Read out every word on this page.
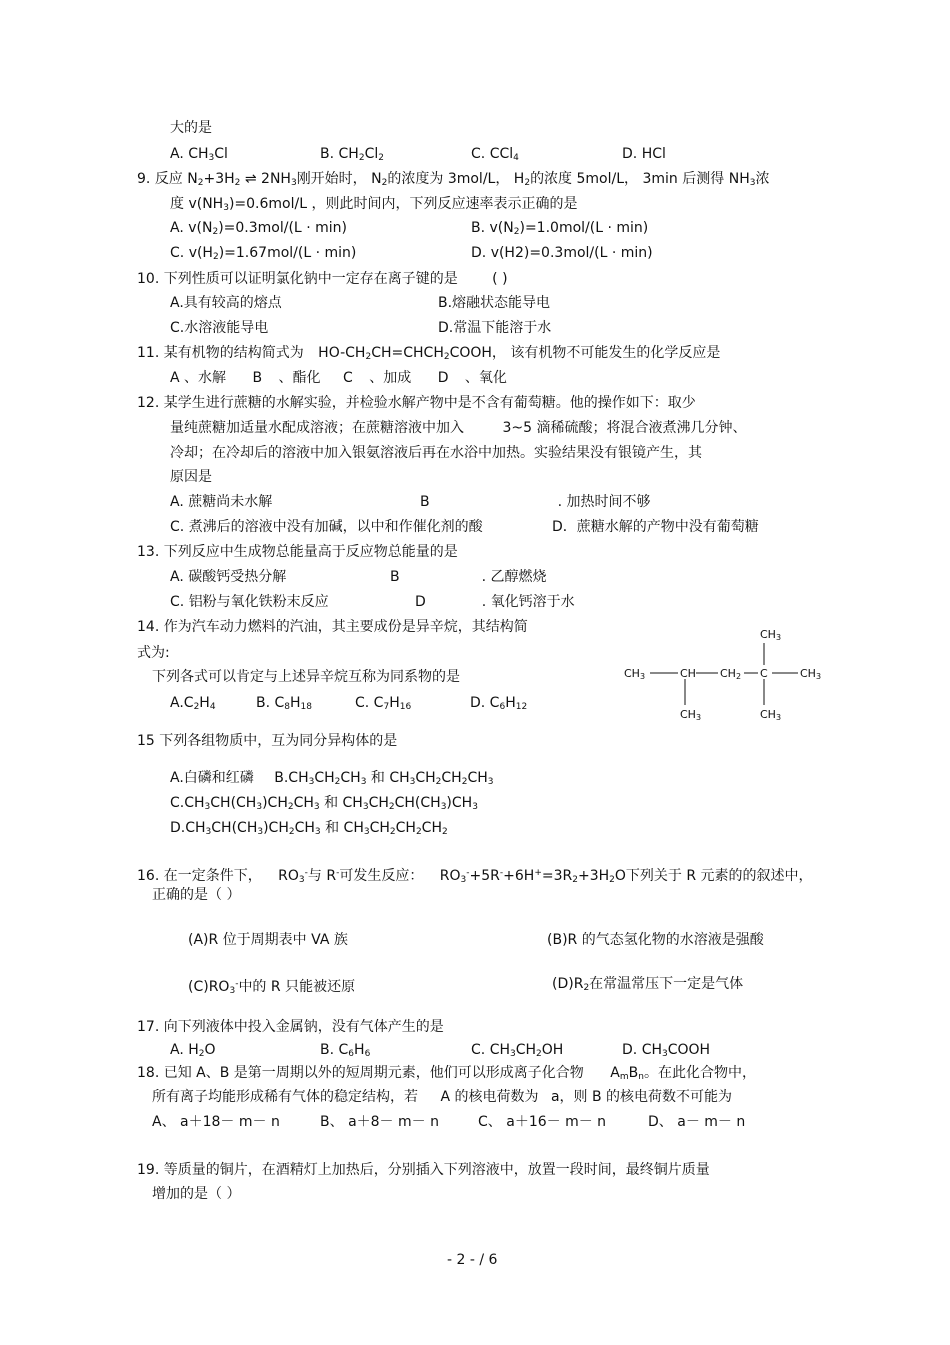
大的是
A. CH3Cl	B. CH2Cl2	C. CCl4	D. HCl
9. 反应 N2+3H2 ⇌ 2NH3刚开始时， N2的浓度为 3mol/L， H2的浓度 5mol/L， 3min 后测得 NH3浓
度 v(NH3)=0.6mol/L ，则此时间内，下列反应速率表示正确的是
A. v(N2)=0.3mol/(L · min)	B. v(N2)=1.0mol/(L · min)
C. v(H2)=1.67mol/(L · min)	D. v(H2)=0.3mol/(L · min)
10. 下列性质可以证明氯化钠中一定存在离子键的是 ( )
A.具有较高的熔点	B.熔融状态能导电
C.水溶液能导电	D.常温下能溶于水
11. 某有机物的结构简式为 HO-CH2CH=CHCH2COOH， 该有机物不可能发生的化学反应是
A 、水解 B 、酯化 C 、加成 D 、氧化
12. 某学生进行蔗糖的水解实验，并检验水解产物中是不含有葡萄糖。他的操作如下：取少
量纯蔗糖加适量水配成溶液；在蔗糖溶液中加入	3~5 滴稀硫酸；将混合液煮沸几分钟、
冷却；在冷却后的溶液中加入银氨溶液后再在水浴中加热。实验结果没有银镜产生，其
原因是
A. 蔗糖尚未水解	B	. 加热时间不够
C. 煮沸后的溶液中没有加碱，以中和作催化剂的酸	D．蔗糖水解的产物中没有葡萄糖
13. 下列反应中生成物总能量高于反应物总能量的是
A. 碳酸钙受热分解	B	. 乙醇燃烧
C. 铝粉与氧化铁粉末反应	D	. 氧化钙溶于水
14. 作为汽车动力燃料的汽油，其主要成份是异辛烷，其结构简
式为:
下列各式可以肯定与上述异辛烷互称为同系物的是
A.C2H4	B. C8H18	C. C7H16	D. C6H12
CH3	CH CH2 C	CH3
CH3
CH3	CH3
15 下列各组物质中，互为同分异构体的是
A.白磷和红磷 B.CH3CH2CH3 和 CH3CH2CH2CH3
C.CH3CH(CH3)CH2CH3 和 CH3CH2CH(CH3)CH3
D.CH3CH(CH3)CH2CH3 和 CH3CH2CH2CH2
16. 在一定条件下， RO3-与 R-可发生反应： RO3-+5R-+6H+=3R2+3H2O下列关于 R 元素的的叙述中，
正确的是（ ）
(A)R 位于周期表中 VA 族	(B)R 的气态氢化物的水溶液是强酸
(C)RO3-中的 R 只能被还原	(D)R2在常温常压下一定是气体
17. 向下列液体中投入金属钠，没有气体产生的是
A. H2O	B. C6H6	C. CH3CH2OH	D. CH3COOH
18. 已知 A、B 是第一周期以外的短周期元素，他们可以形成离子化合物 AmBn。在此化合物中，
所有离子均能形成稀有气体的稳定结构，若 A 的核电荷数为 a，则 B 的核电荷数不可能为
A、 a＋18－ m－ n	B、 a＋8－ m－ n	C、 a＋16－ m－ n	D、 a－ m－ n
19. 等质量的铜片，在酒精灯上加热后，分别插入下列溶液中，放置一段时间，最终铜片质量
增加的是（ ）
- 2 - / 6
